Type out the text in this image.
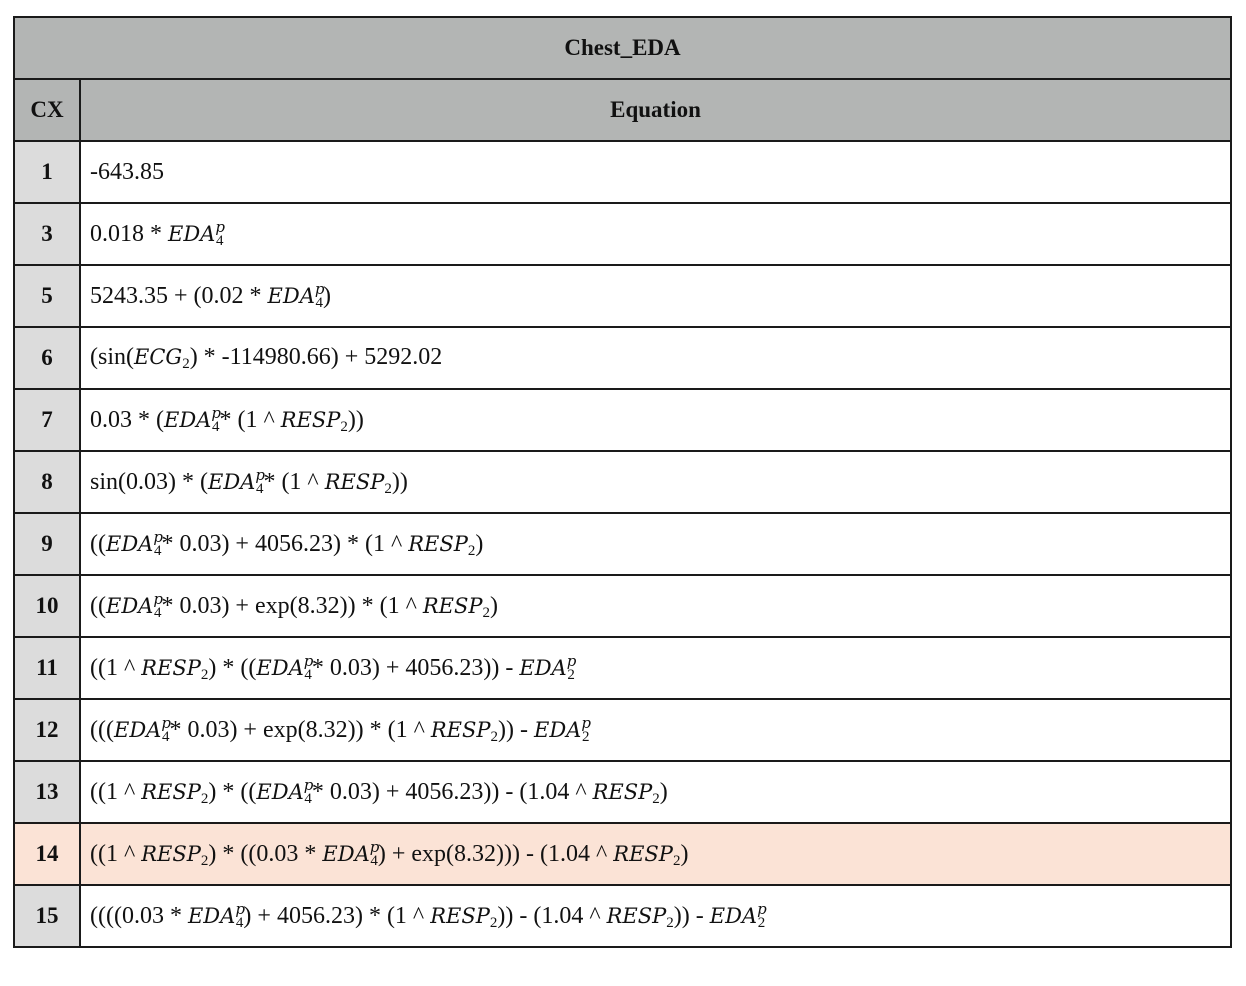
Chest_EDA	
CX	Equation
1	-643.85
3	$0.018 * EDA^p_4$
5	$5243.35 + (0.02 * EDA^p_4)$
6	$(\sin(ECG_2) * -114980.66) + 5292.02$
7	$0.03 * (EDA^p_4*$ (1 ^ $RESP_2$))
8	$\sin(0.03) * (EDA^p_4*$ (1 ^ $RESP_2$))
9	(($EDA^p_4*$ 0.03) + 4056.23) * (1 ^ $RESP_2$)
10	(($EDA^p_4*$ 0.03) + exp(8.32)) * (1 ^ $RESP_2$)
11	((1 ^ $RESP_2) * ((EDA^p_4*$ $0.03) + 4056.23)) - EDA^p_2$
12	((($EDA^p_4*$ 0.03) + exp(8.32)) * (1 ^ $RESP_2)) - EDA^p_2$
13	((1 ^ $RESP_2) * ((EDA^p_4*$ 0.03) + 4056.23)) - (1.04 ^ $RESP_2$)
14	((1 ^ $RESP_2) * ((0.03 * EDA^p_4) + \exp(8.32))) - (1.04$ ^ $RESP_2$)
15	(($((0.03 * EDA^p_4) + 4056.23) * (1$ ^ $RESP_2)) - (1.04$ ^ $RESP_2)) - EDA^p_2$
